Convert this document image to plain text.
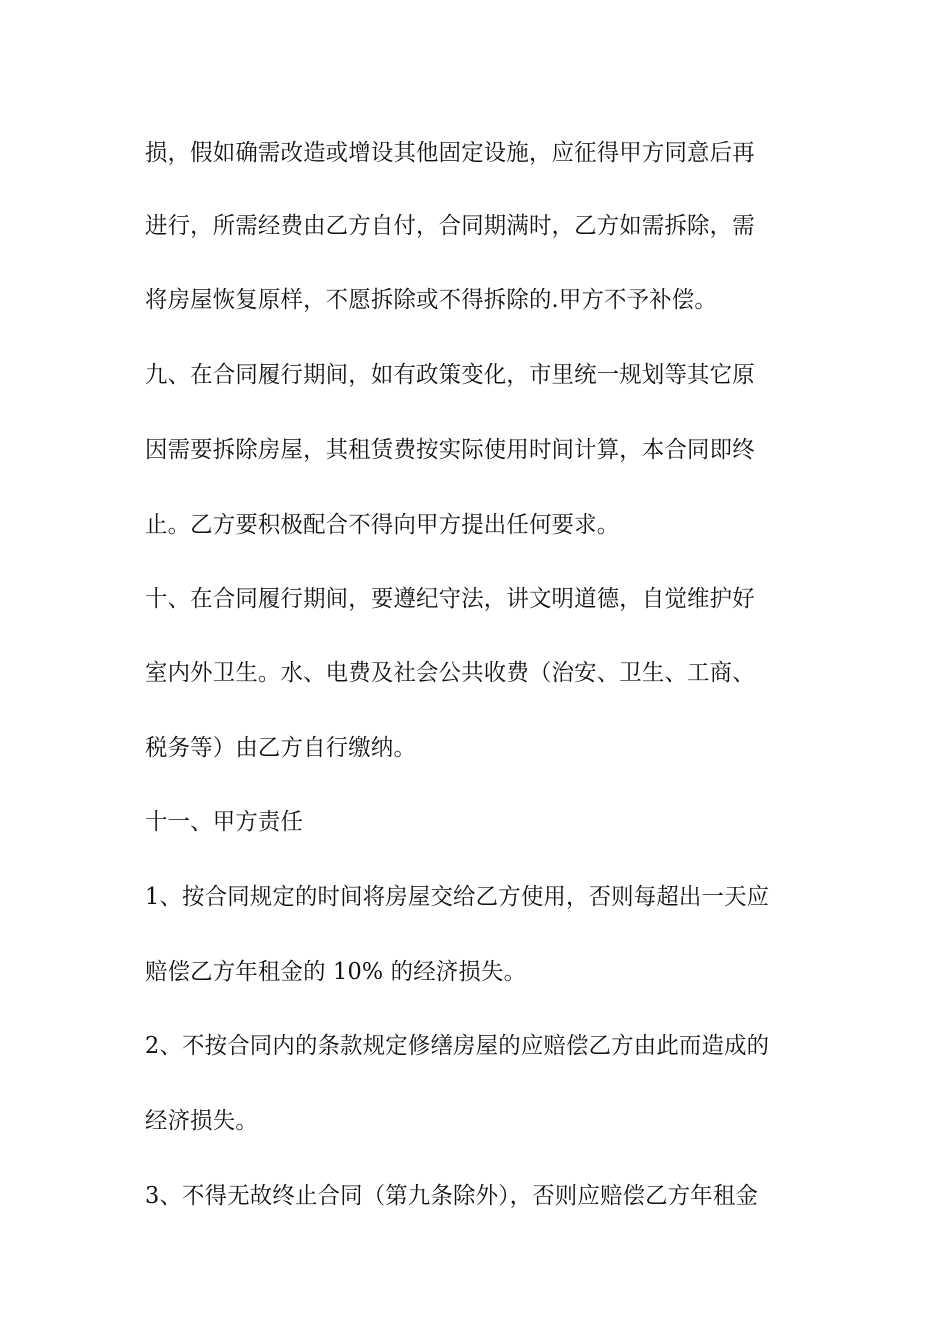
损，假如确需改造或增设其他固定设施，应征得甲方同意后再
进行，所需经费由乙方自付，合同期满时，乙方如需拆除，需
将房屋恢复原样，不愿拆除或不得拆除的.甲方不予补偿。
九、在合同履行期间，如有政策变化，市里统一规划等其它原
因需要拆除房屋，其租赁费按实际使用时间计算，本合同即终
止。乙方要积极配合不得向甲方提出任何要求。
十、在合同履行期间，要遵纪守法，讲文明道德，自觉维护好
室内外卫生。水、电费及社会公共收费（治安、卫生、工商、
税务等）由乙方自行缴纳。
十一、甲方责任
1、按合同规定的时间将房屋交给乙方使用，否则每超出一天应
赔偿乙方年租金的 10% 的经济损失。
2、不按合同内的条款规定修缮房屋的应赔偿乙方由此而造成的
经济损失。
3、不得无故终止合同（第九条除外），否则应赔偿乙方年租金
